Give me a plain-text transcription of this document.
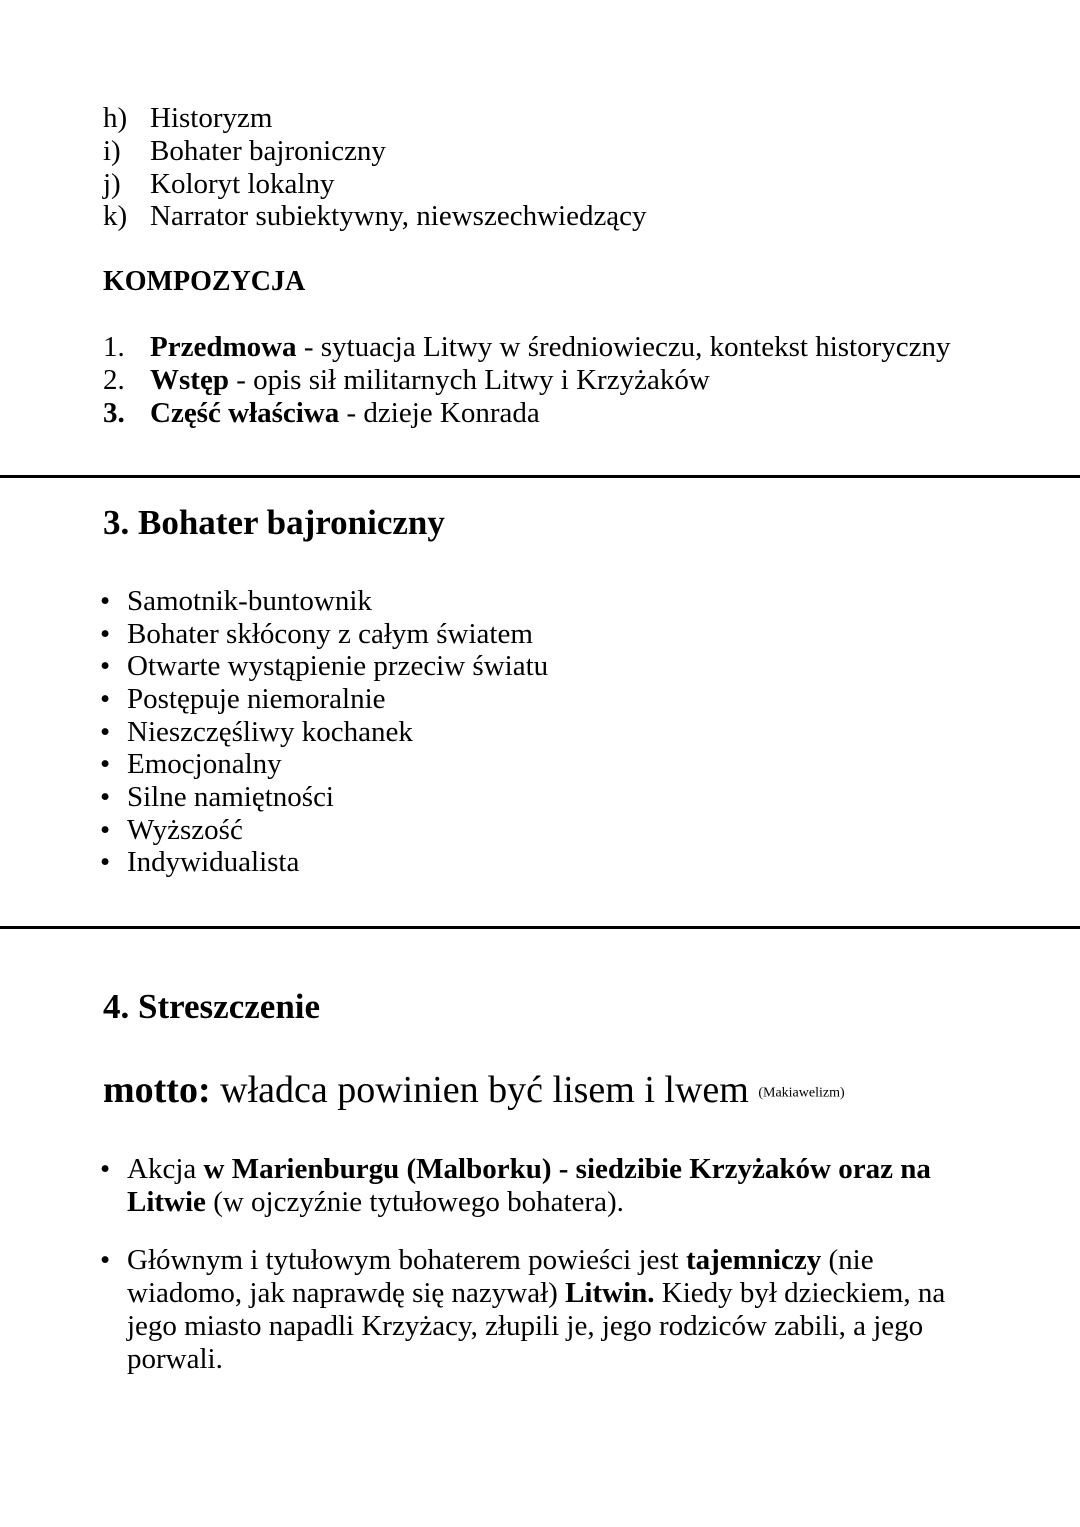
h) Historyzm
i) Bohater bajroniczny
j) Koloryt lokalny
k) Narrator subiektywny, niewszechwiedzący
KOMPOZYCJA
1. Przedmowa - sytuacja Litwy w średniowieczu, kontekst historyczny
2. Wstęp - opis sił militarnych Litwy i Krzyżaków
3. Część właściwa - dzieje Konrada
3. Bohater bajroniczny
• Samotnik-buntownik
• Bohater skłócony z całym światem
• Otwarte wystąpienie przeciw światu
• Postępuje niemoralnie
• Nieszczęśliwy kochanek
• Emocjonalny
• Silne namiętności
• Wyższość
• Indywidualista
4. Streszczenie
motto: władca powinien być lisem i lwem (Makiawelizm)
• Akcja w Marienburgu (Malborku) - siedzibie Krzyżaków oraz na Litwie (w ojczyźnie tytułowego bohatera).
• Głównym i tytułowym bohaterem powieści jest tajemniczy (nie wiadomo, jak naprawdę się nazywał) Litwin. Kiedy był dzieckiem, na jego miasto napadli Krzyżacy, złupili je, jego rodziców zabili, a jego porwali.
